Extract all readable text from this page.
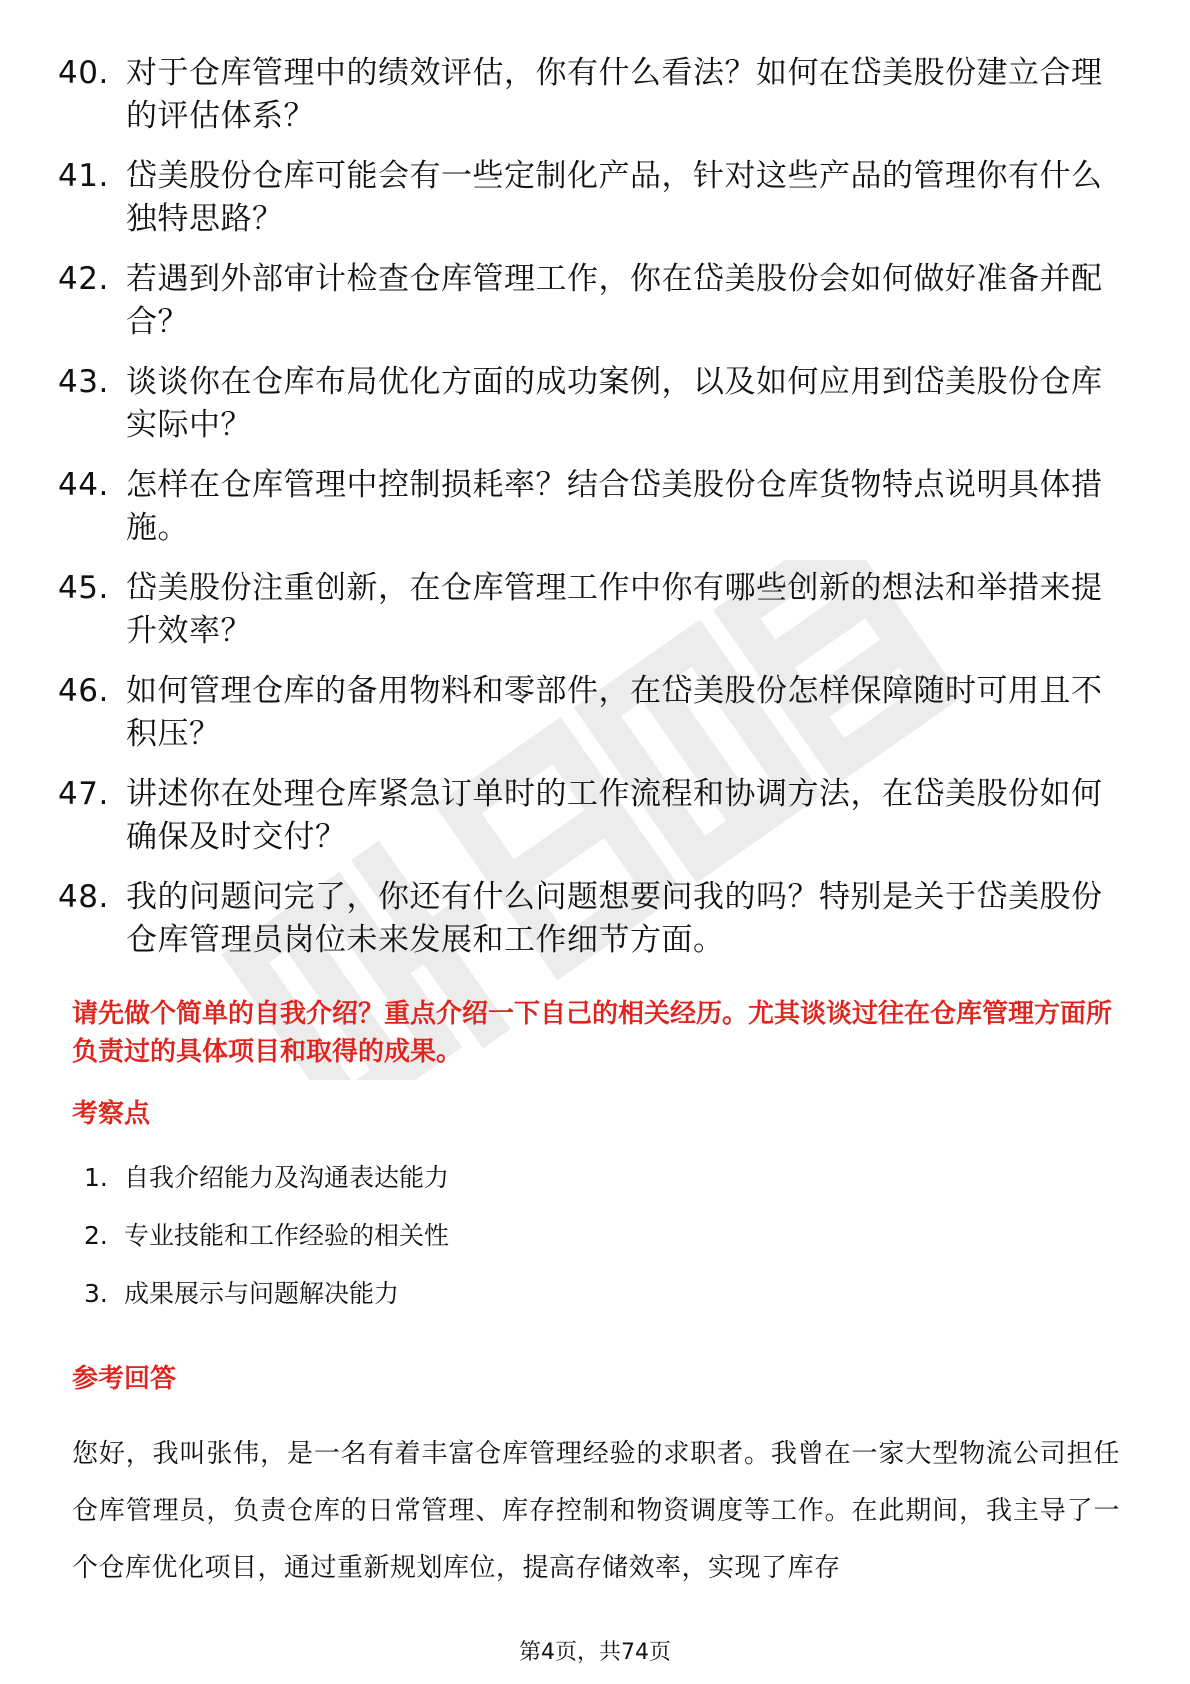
40. 对于仓库管理中的绩效评估，你有什么看法？如何在岱美股份建立合理的评估体系？
41. 岱美股份仓库可能会有一些定制化产品，针对这些产品的管理你有什么独特思路？
42. 若遇到外部审计检查仓库管理工作，你在岱美股份会如何做好准备并配合？
43. 谈谈你在仓库布局优化方面的成功案例，以及如何应用到岱美股份仓库实际中？
44. 怎样在仓库管理中控制损耗率？结合岱美股份仓库货物特点说明具体措施。
45. 岱美股份注重创新，在仓库管理工作中你有哪些创新的想法和举措来提升效率？
46. 如何管理仓库的备用物料和零部件，在岱美股份怎样保障随时可用且不积压？
47. 讲述你在处理仓库紧急订单时的工作流程和协调方法，在岱美股份如何确保及时交付？
48. 我的问题问完了，你还有什么问题想要问我的吗？特别是关于岱美股份仓库管理员岗位未来发展和工作细节方面。

请先做个简单的自我介绍？重点介绍一下自己的相关经历。尤其谈谈过往在仓库管理方面所负责过的具体项目和取得的成果。

考察点
1. 自我介绍能力及沟通表达能力
2. 专业技能和工作经验的相关性
3. 成果展示与问题解决能力
参考回答

您好，我叫张伟，是一名有着丰富仓库管理经验的求职者。我曾在一家大型物流公司担任仓库管理员，负责仓库的日常管理、库存控制和物资调度等工作。在此期间，我主导了一个仓库优化项目，通过重新规划库位，提高存储效率，实现了库存

第4页，共74页
